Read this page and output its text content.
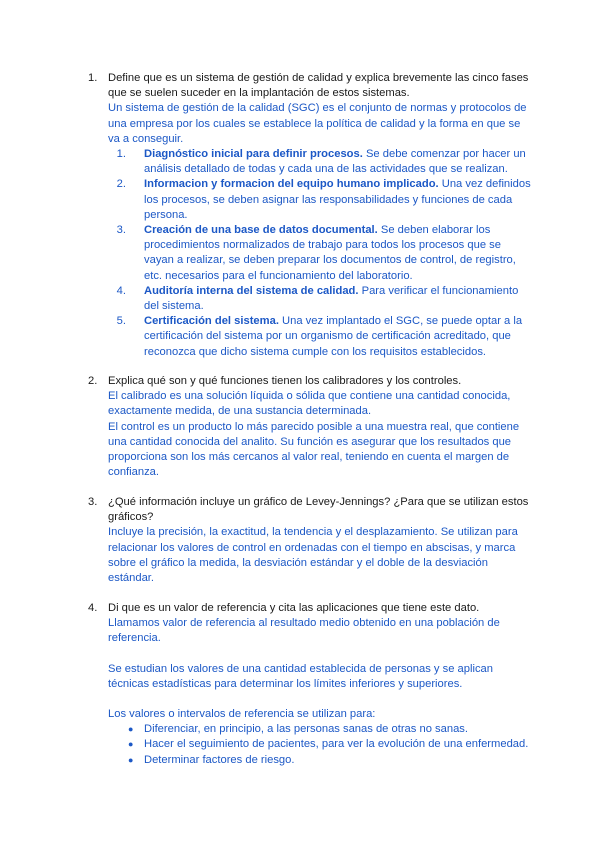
1. Define que es un sistema de gestión de calidad y explica brevemente las cinco fases que se suelen suceder en la implantación de estos sistemas.

Un sistema de gestión de la calidad (SGC) es el conjunto de normas y protocolos de una empresa por los cuales se establece la política de calidad y la forma en que se va a conseguir.

1. Diagnóstico inicial para definir procesos. Se debe comenzar por hacer un análisis detallado de todas y cada una de las actividades que se realizan.

2. Informacion y formacion del equipo humano implicado. Una vez definidos los procesos, se deben asignar las responsabilidades y funciones de cada persona.

3. Creación de una base de datos documental. Se deben elaborar los procedimientos normalizados de trabajo para todos los procesos que se vayan a realizar, se deben preparar los documentos de control, de registro, etc. necesarios para el funcionamiento del laboratorio.

4. Auditoría interna del sistema de calidad. Para verificar el funcionamiento del sistema.

5. Certificación del sistema. Una vez implantado el SGC, se puede optar a la certificación del sistema por un organismo de certificación acreditado, que reconozca que dicho sistema cumple con los requisitos establecidos.

2. Explica qué son y qué funciones tienen los calibradores y los controles.

El calibrado es una solución líquida o sólida que contiene una cantidad conocida, exactamente medida, de una sustancia determinada.

El control es un producto lo más parecido posible a una muestra real, que contiene una cantidad conocida del analito. Su función es asegurar que los resultados que proporciona son los más cercanos al valor real, teniendo en cuenta el margen de confianza.

3. ¿Qué información incluye un gráfico de Levey-Jennings? ¿Para que se utilizan estos gráficos?

Incluye la precisión, la exactitud, la tendencia y el desplazamiento. Se utilizan para relacionar los valores de control en ordenadas con el tiempo en abscisas, y marca sobre el gráfico la medida, la desviación estándar y el doble de la desviación estándar.

4. Di que es un valor de referencia y cita las aplicaciones que tiene este dato.

Llamamos valor de referencia al resultado medio obtenido en una población de referencia.

Se estudian los valores de una cantidad establecida de personas y se aplican técnicas estadísticas para determinar los límites inferiores y superiores.

Los valores o intervalos de referencia se utilizan para:

● Diferenciar, en principio, a las personas sanas de otras no sanas.

● Hacer el seguimiento de pacientes, para ver la evolución de una enfermedad.

● Determinar factores de riesgo.
